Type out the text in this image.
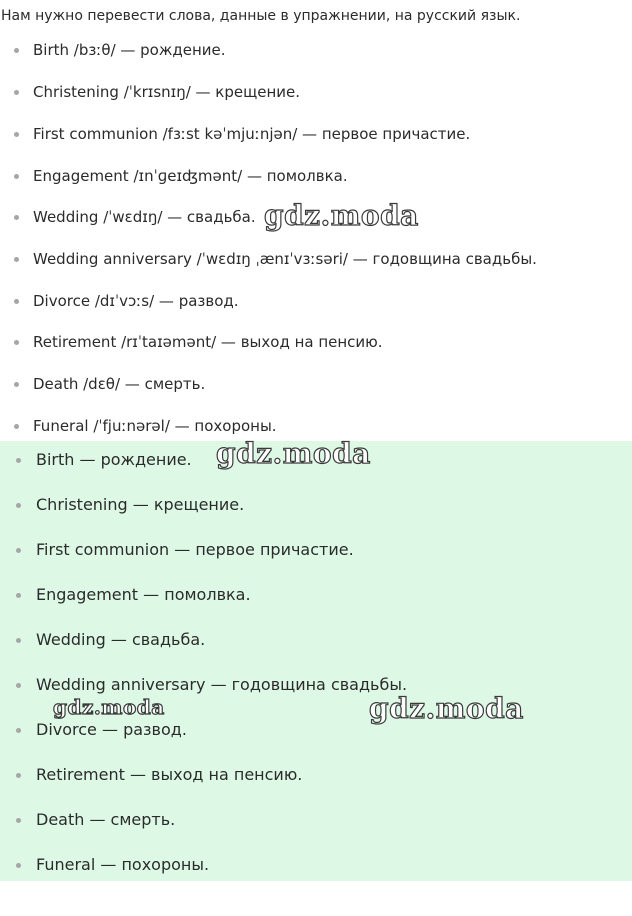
Нам нужно перевести слова, данные в упражнении, на русский язык.
Birth /bɜːθ/ — рождение.
Christening /ˈkrɪsnɪŋ/ — крещение.
First communion /fɜːst kəˈmjuːnjən/ — первое причастие.
Engagement /ɪnˈɡeɪʤmənt/ — помолвка.
Wedding /ˈwɛdɪŋ/ — свадьба.
Wedding anniversary /ˈwɛdɪŋ ˌænɪˈvɜːsəri/ — годовщина свадьбы.
Divorce /dɪˈvɔːs/ — развод.
Retirement /rɪˈtaɪəmənt/ — выход на пенсию.
Death /dɛθ/ — смерть.
Funeral /ˈfjuːnərəl/ — похороны.
Birth — рождение.
Christening — крещение.
First communion — первое причастие.
Engagement — помолвка.
Wedding — свадьба.
Wedding anniversary — годовщина свадьбы.
Divorce — развод.
Retirement — выход на пенсию.
Death — смерть.
Funeral — похороны.
gdz.moda
gdz.moda
gdz.moda	gdz.moda
